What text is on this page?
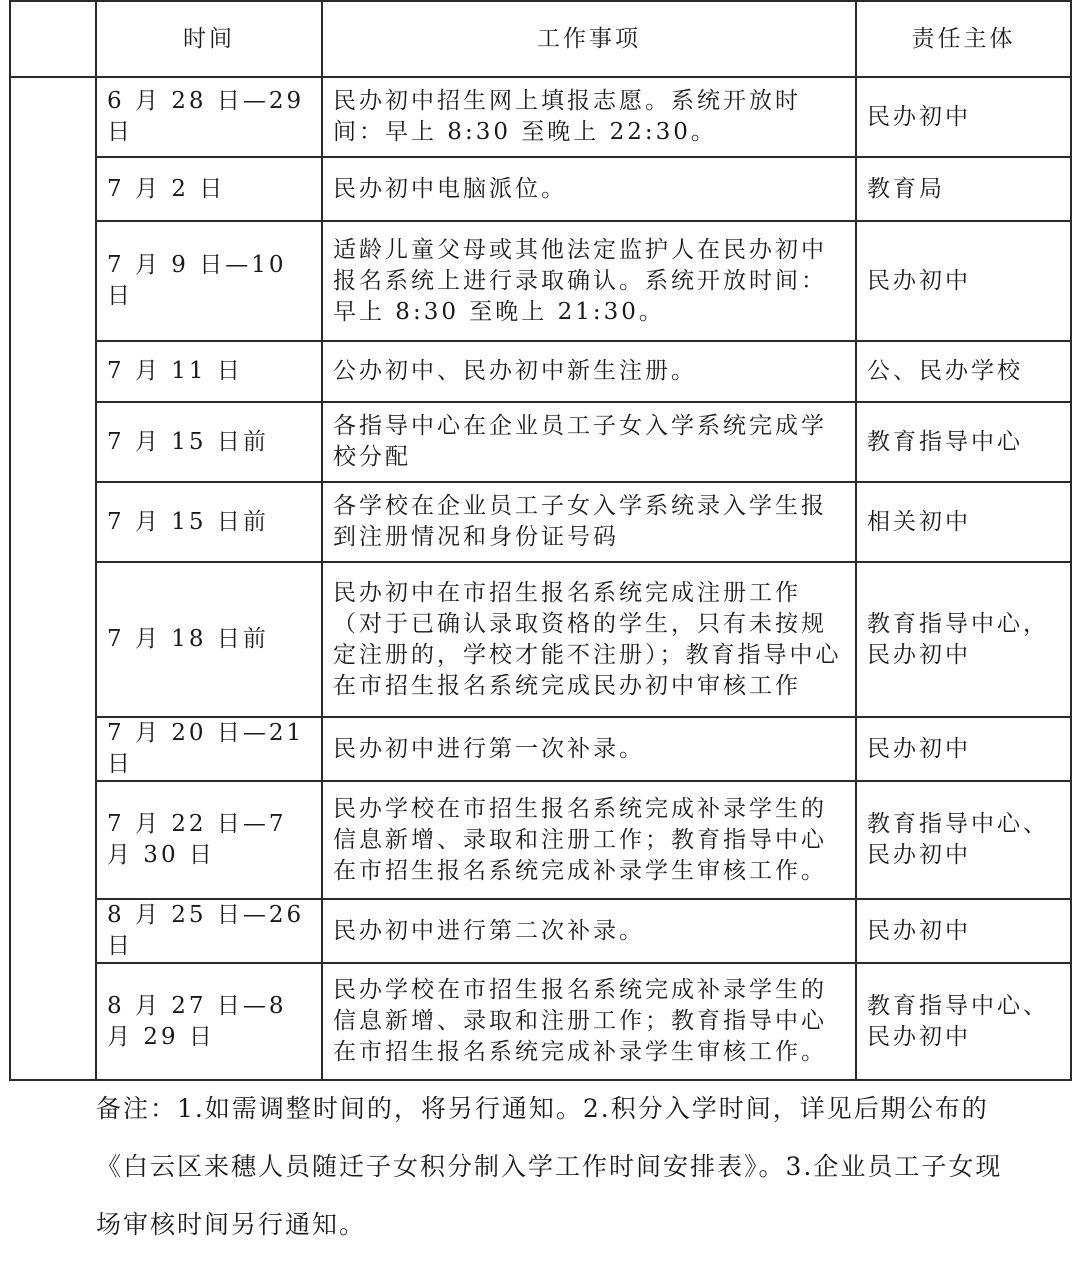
	时间	工作事项	责任主体
	6 月 28 日—29 日	民办初中招生网上填报志愿。系统开放时间：早上 8:30 至晚上 22:30。	民办初中
	7 月 2 日	民办初中电脑派位。	教育局
	7 月 9 日—10 日	适龄儿童父母或其他法定监护人在民办初中报名系统上进行录取确认。系统开放时间：早上 8:30 至晚上 21:30。	民办初中
	7 月 11 日	公办初中、民办初中新生注册。	公、民办学校
	7 月 15 日前	各指导中心在企业员工子女入学系统完成学校分配	教育指导中心
	7 月 15 日前	各学校在企业员工子女入学系统录入学生报到注册情况和身份证号码	相关初中
	7 月 18 日前	民办初中在市招生报名系统完成注册工作（对于已确认录取资格的学生，只有未按规定注册的，学校才能不注册）；教育指导中心在市招生报名系统完成民办初中审核工作	教育指导中心，民办初中
	7 月 20 日—21 日	民办初中进行第一次补录。	民办初中
	7 月 22 日—7 月 30 日	民办学校在市招生报名系统完成补录学生的信息新增、录取和注册工作；教育指导中心在市招生报名系统完成补录学生审核工作。	教育指导中心、民办初中
	8 月 25 日—26 日	民办初中进行第二次补录。	民办初中
	8 月 27 日—8 月 29 日	民办学校在市招生报名系统完成补录学生的信息新增、录取和注册工作；教育指导中心在市招生报名系统完成补录学生审核工作。	教育指导中心、民办初中

备注：1.如需调整时间的，将另行通知。2.积分入学时间，详见后期公布的《白云区来穗人员随迁子女积分制入学工作时间安排表》。3.企业员工子女现场审核时间另行通知。
